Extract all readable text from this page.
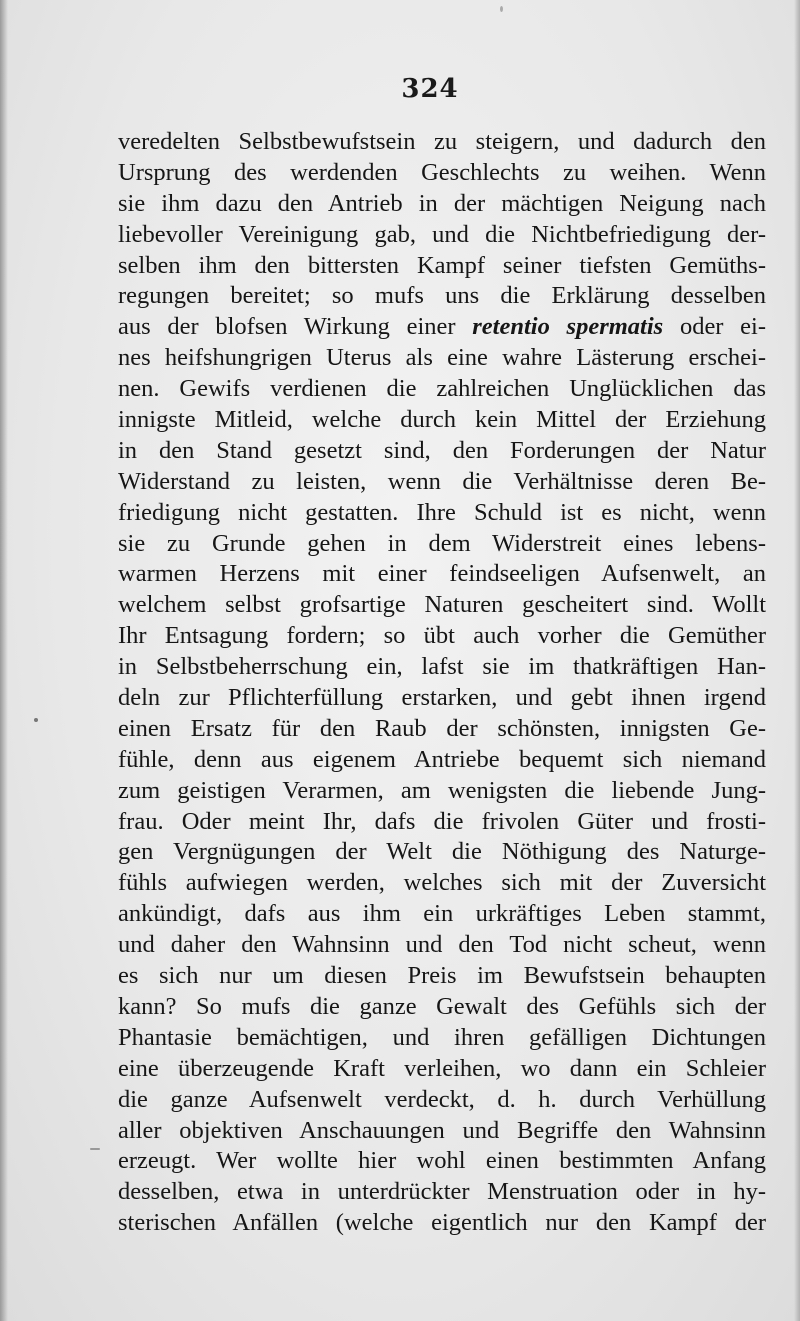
324
veredelten Selbstbewufstsein zu steigern, und dadurch den
Ursprung des werdenden Geschlechts zu weihen. Wenn
sie ihm dazu den Antrieb in der mächtigen Neigung nach
liebevoller Vereinigung gab, und die Nichtbefriedigung der-
selben ihm den bittersten Kampf seiner tiefsten Gemüths-
regungen bereitet; so mufs uns die Erklärung desselben
aus der blofsen Wirkung einer retentio spermatis oder ei-
nes heifshungrigen Uterus als eine wahre Lästerung erschei-
nen. Gewifs verdienen die zahlreichen Unglücklichen das
innigste Mitleid, welche durch kein Mittel der Erziehung
in den Stand gesetzt sind, den Forderungen der Natur
Widerstand zu leisten, wenn die Verhältnisse deren Be-
friedigung nicht gestatten. Ihre Schuld ist es nicht, wenn
sie zu Grunde gehen in dem Widerstreit eines lebens-
warmen Herzens mit einer feindseeligen Aufsenwelt, an
welchem selbst grofsartige Naturen gescheitert sind. Wollt
Ihr Entsagung fordern; so übt auch vorher die Gemüther
in Selbstbeherrschung ein, lafst sie im thatkräftigen Han-
deln zur Pflichterfüllung erstarken, und gebt ihnen irgend
einen Ersatz für den Raub der schönsten, innigsten Ge-
fühle, denn aus eigenem Antriebe bequemt sich niemand
zum geistigen Verarmen, am wenigsten die liebende Jung-
frau. Oder meint Ihr, dafs die frivolen Güter und frosti-
gen Vergnügungen der Welt die Nöthigung des Naturge-
fühls aufwiegen werden, welches sich mit der Zuversicht
ankündigt, dafs aus ihm ein urkräftiges Leben stammt,
und daher den Wahnsinn und den Tod nicht scheut, wenn
es sich nur um diesen Preis im Bewufstsein behaupten
kann? So mufs die ganze Gewalt des Gefühls sich der
Phantasie bemächtigen, und ihren gefälligen Dichtungen
eine überzeugende Kraft verleihen, wo dann ein Schleier
die ganze Aufsenwelt verdeckt, d. h. durch Verhüllung
aller objektiven Anschauungen und Begriffe den Wahnsinn
erzeugt. Wer wollte hier wohl einen bestimmten Anfang
desselben, etwa in unterdrückter Menstruation oder in hy-
sterischen Anfällen (welche eigentlich nur den Kampf der
